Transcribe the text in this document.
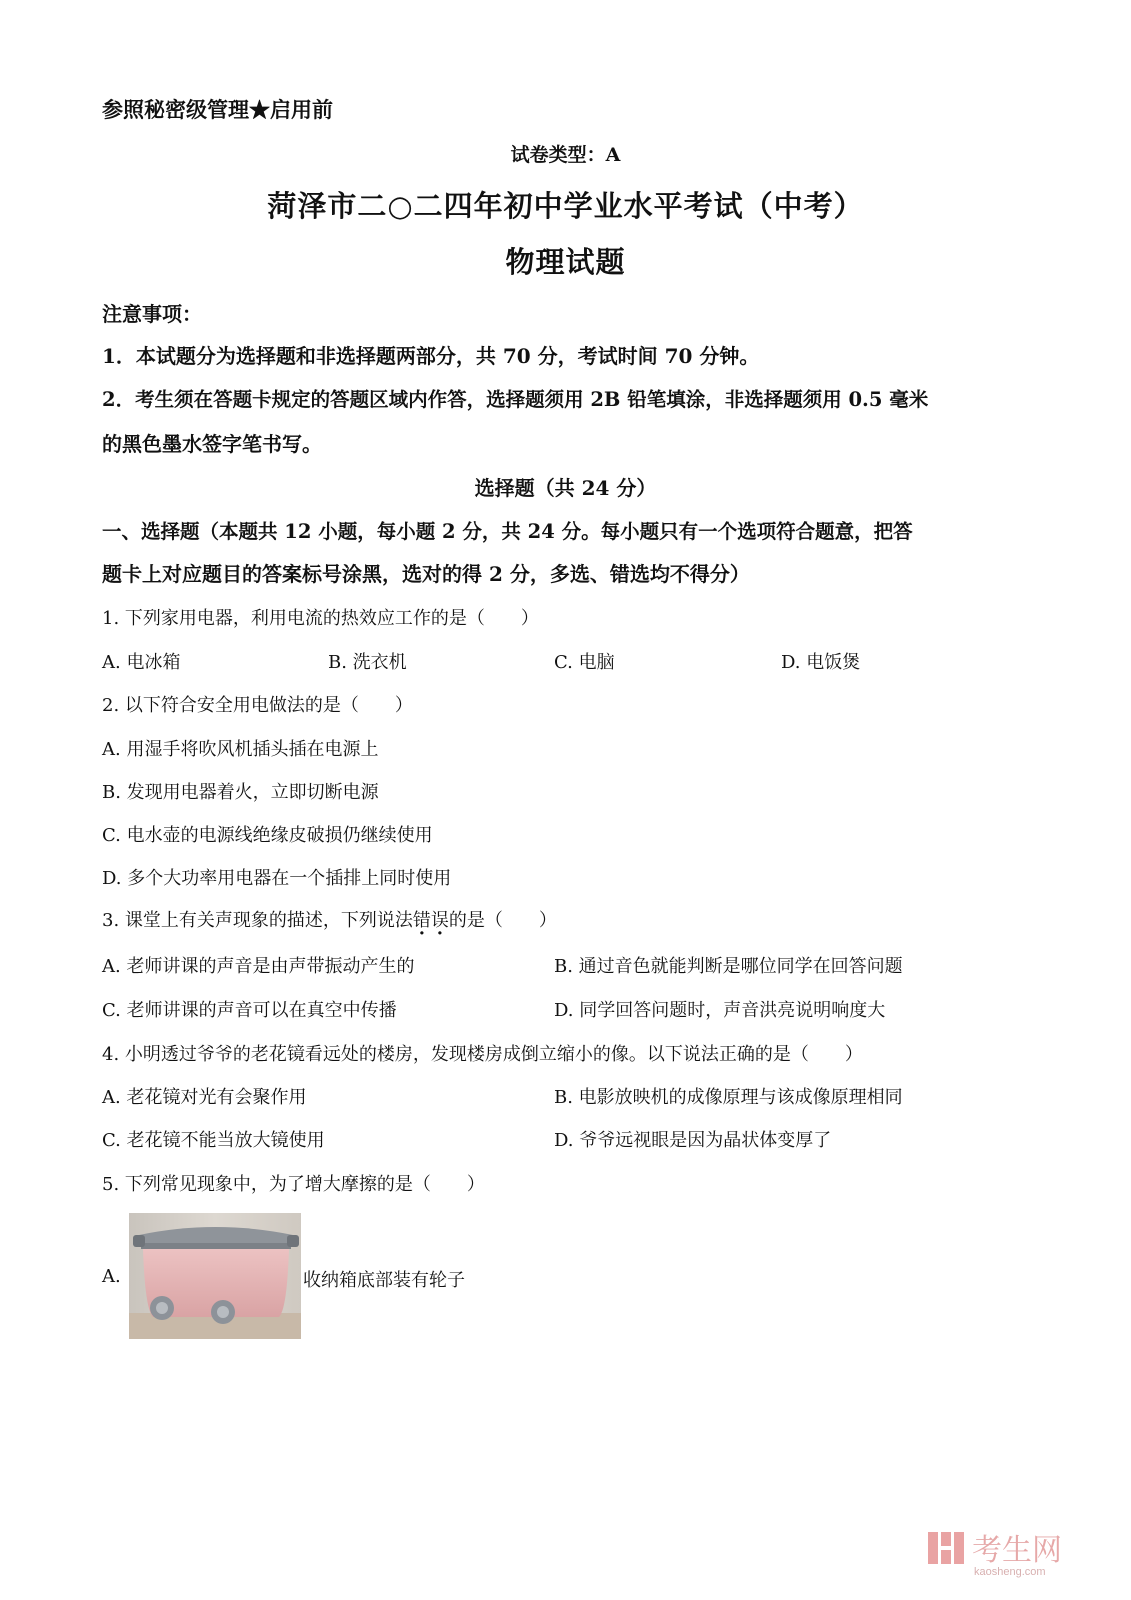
参照秘密级管理★启用前
试卷类型：A
菏泽市二○二四年初中学业水平考试（中考）
物理试题
注意事项：
1．本试题分为选择题和非选择题两部分，共 70 分，考试时间 70 分钟。
2．考生须在答题卡规定的答题区域内作答，选择题须用 2B 铅笔填涂，非选择题须用 0.5 毫米
的黑色墨水签字笔书写。
选择题（共 24 分）
一、选择题（本题共 12 小题，每小题 2 分，共 24 分。每小题只有一个选项符合题意，把答
题卡上对应题目的答案标号涂黑，选对的得 2 分，多选、错选均不得分）
1. 下列家用电器，利用电流的热效应工作的是（　　）
A. 电冰箱	B. 洗衣机	C. 电脑	D. 电饭煲
2. 以下符合安全用电做法的是（　　）
A. 用湿手将吹风机插头插在电源上
B. 发现用电器着火，立即切断电源
C. 电水壶的电源线绝缘皮破损仍继续使用
D. 多个大功率用电器在一个插排上同时使用
3. 课堂上有关声现象的描述，下列说法错误的是（　　）
A. 老师讲课的声音是由声带振动产生的	B. 通过音色就能判断是哪位同学在回答问题
C. 老师讲课的声音可以在真空中传播	D. 同学回答问题时，声音洪亮说明响度大
4. 小明透过爷爷的老花镜看远处的楼房，发现楼房成倒立缩小的像。以下说法正确的是（　　）
A. 老花镜对光有会聚作用	B. 电影放映机的成像原理与该成像原理相同
C. 老花镜不能当放大镜使用	D. 爷爷远视眼是因为晶状体变厚了
5. 下列常见现象中，为了增大摩擦的是（　　）
A.	收纳箱底部装有轮子
考生网
kaosheng.com
